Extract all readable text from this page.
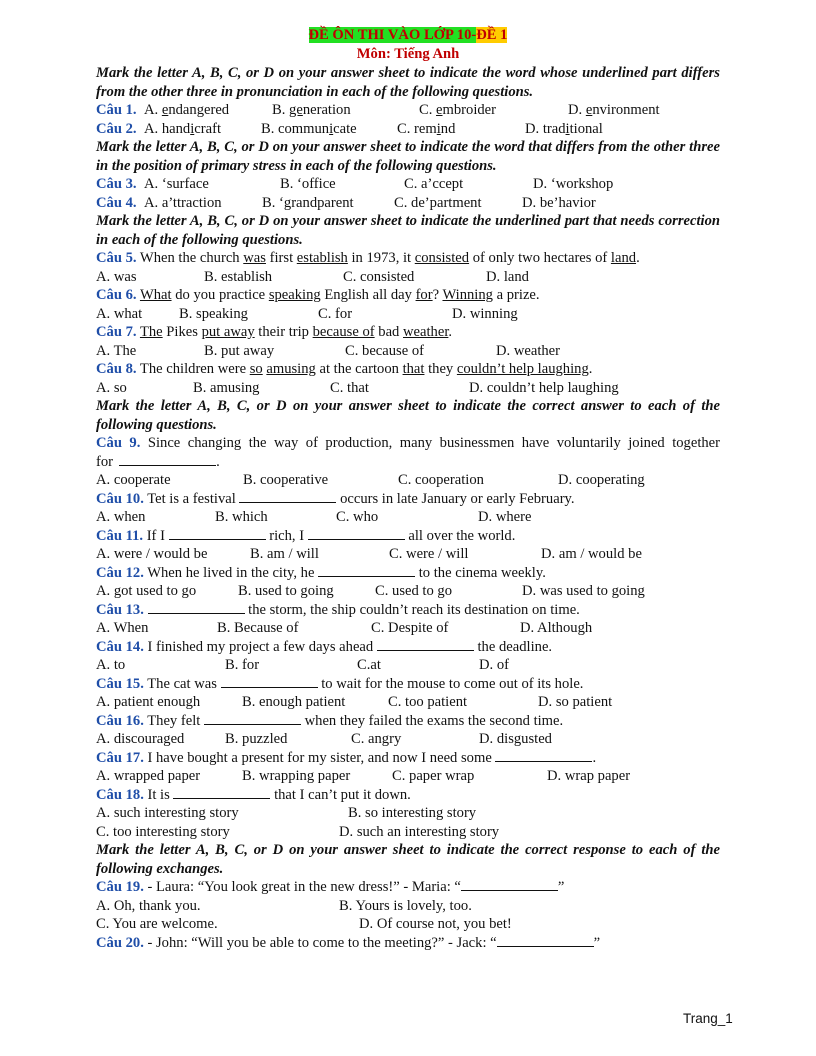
ĐỀ ÔN THI VÀO LỚP 10-ĐỀ 1
Môn: Tiếng Anh
Mark the letter A, B, C, or D on your answer sheet to indicate the word whose underlined part differs from the other three in pronunciation in each of the following questions.
Câu 1. A. endangered	B. generation	C. embroider	D. environment
Câu 2. A. handicraft	B. communicate	C. remind	D. traditional
Mark the letter A, B, C, or D on your answer sheet to indicate the word that differs from the other three in the position of primary stress in each of the following questions.
Câu 3. A. ‘surface	B. ‘office	C. a’ccept	D. ‘workshop
Câu 4. A. a’ttraction	B. ‘grandparent	C. de’partment	D. be’havior
Mark the letter A, B, C, or D on your answer sheet to indicate the underlined part that needs correction in each of the following questions.
Câu 5. When the church was first establish in 1973, it consisted of only two hectares of land.
A. was	B. establish	C. consisted	D. land
Câu 6. What do you practice speaking English all day for? Winning a prize.
A. what	B. speaking	C. for	D. winning
Câu 7. The Pikes put away their trip because of bad weather.
A. The	B. put away	C. because of	D. weather
Câu 8. The children were so amusing at the cartoon that they couldn’t help laughing.
A. so	B. amusing	C. that	D. couldn’t help laughing
Mark the letter A, B, C, or D on your answer sheet to indicate the correct answer to each of the following questions.
Câu 9. Since changing the way of production, many businessmen have voluntarily joined together for	.
A. cooperate	B. cooperative	C. cooperation	D. cooperating
Câu 10. Tet is a festival	occurs in late January or early February.
A. when	B. which	C. who	D. where
Câu 11. If I	rich, I	all over the world.
A. were / would be	B. am / will	C. were / will	D. am / would be
Câu 12. When he lived in the city, he	to the cinema weekly.
A. got used to go	B. used to going	C. used to go	D. was used to going
Câu 13.	the storm, the ship couldn’t reach its destination on time.
A. When	B. Because of	C. Despite of	D. Although
Câu 14. I finished my project a few days ahead	the deadline.
A. to	B. for	C.at	D. of
Câu 15. The cat was	to wait for the mouse to come out of its hole.
A. patient enough	B. enough patient	C. too patient	D. so patient
Câu 16. They felt	when they failed the exams the second time.
A. discouraged	B. puzzled	C. angry	D. disgusted
Câu 17. I have bought a present for my sister, and now I need some	.
A. wrapped paper	B. wrapping paper	C. paper wrap	D. wrap paper
Câu 18. It is	that I can’t put it down.
A. such interesting story	B. so interesting story
C. too interesting story	D. such an interesting story
Mark the letter A, B, C, or D on your answer sheet to indicate the correct response to each of the following exchanges.
Câu 19. - Laura: “You look great in the new dress!” - Maria: “	”
A. Oh, thank you.	B. Yours is lovely, too.
C. You are welcome.	D. Of course not, you bet!
Câu 20. - John: “Will you be able to come to the meeting?” - Jack: “	”
Trang_1
